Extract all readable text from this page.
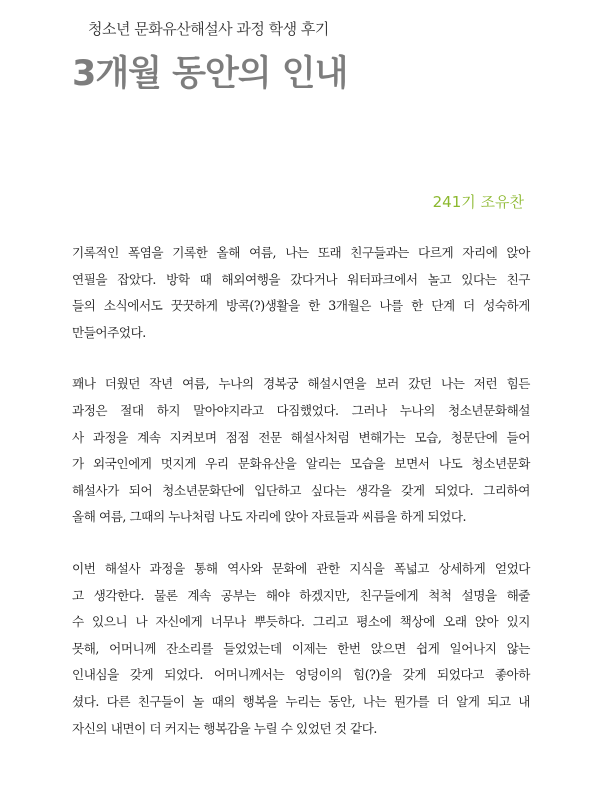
청소년 문화유산해설사 과정 학생 후기
3개월 동안의 인내
241기 조유찬
기록적인 폭염을 기록한 올해 여름, 나는 또래 친구들과는 다르게 자리에 앉아
연필을 잡았다. 방학 때 해외여행을 갔다거나 워터파크에서 놀고 있다는 친구
들의 소식에서도 꿋꿋하게 방콕(?)생활을 한 3개월은 나를 한 단계 더 성숙하게
만들어주었다.
꽤나 더웠던 작년 여름, 누나의 경복궁 해설시연을 보러 갔던 나는 저런 힘든
과정은 절대 하지 말아야지라고 다짐했었다. 그러나 누나의 청소년문화해설
사 과정을 계속 지켜보며 점점 전문 해설사처럼 변해가는 모습, 청문단에 들어
가 외국인에게 멋지게 우리 문화유산을 알리는 모습을 보면서 나도 청소년문화
해설사가 되어 청소년문화단에 입단하고 싶다는 생각을 갖게 되었다. 그리하여
올해 여름, 그때의 누나처럼 나도 자리에 앉아 자료들과 씨름을 하게 되었다.
이번 해설사 과정을 통해 역사와 문화에 관한 지식을 폭넓고 상세하게 얻었다
고 생각한다. 물론 계속 공부는 해야 하겠지만, 친구들에게 척척 설명을 해줄
수 있으니 나 자신에게 너무나 뿌듯하다. 그리고 평소에 책상에 오래 앉아 있지
못해, 어머니께 잔소리를 들었었는데 이제는 한번 앉으면 쉽게 일어나지 않는
인내심을 갖게 되었다. 어머니께서는 엉덩이의 힘(?)을 갖게 되었다고 좋아하
셨다. 다른 친구들이 놀 때의 행복을 누리는 동안, 나는 뭔가를 더 알게 되고 내
자신의 내면이 더 커지는 행복감을 누릴 수 있었던 것 같다.
